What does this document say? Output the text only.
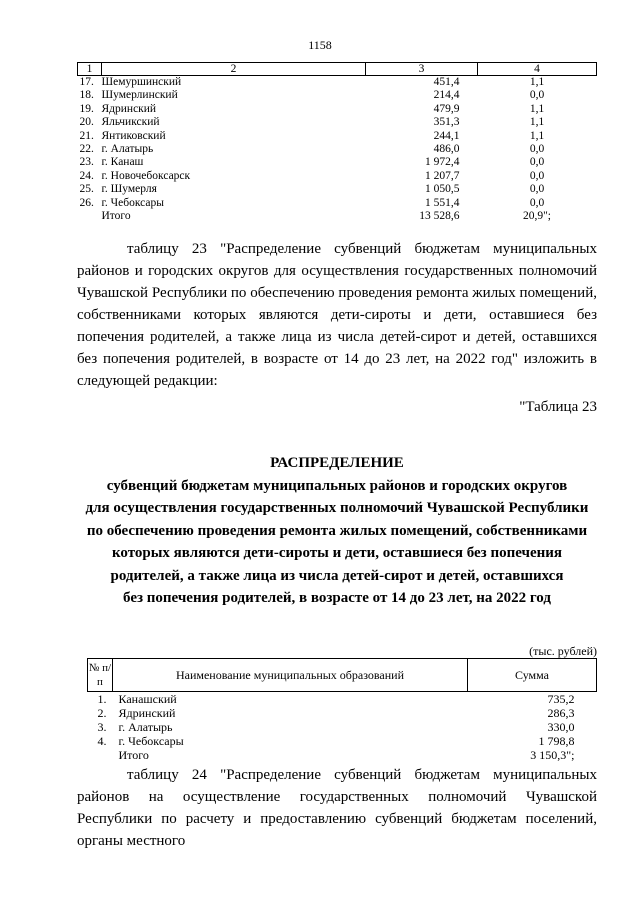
1158
1	2	3	4
17.	Шемуршинский	451,4	1,1
18.	Шумерлинский	214,4	0,0
19.	Ядринский	479,9	1,1
20.	Яльчикский	351,3	1,1
21.	Янтиковский	244,1	1,1
22.	г. Алатырь	486,0	0,0
23.	г. Канаш	1 972,4	0,0
24.	г. Новочебоксарск	1 207,7	0,0
25.	г. Шумерля	1 050,5	0,0
26.	г. Чебоксары	1 551,4	0,0
	Итого	13 528,6	20,9";
таблицу 23 "Распределение субвенций бюджетам муниципальных районов и городских округов для осуществления государственных полномочий Чувашской Республики по обеспечению проведения ремонта жилых помещений, собственниками которых являются дети-сироты и дети, оставшиеся без попечения родителей, а также лица из числа детей-сирот и детей, оставшихся без попечения родителей, в возрасте от 14 до 23 лет, на 2022 год" изложить в следующей редакции:
"Таблица 23
РАСПРЕДЕЛЕНИЕ
субвенций бюджетам муниципальных районов и городских округов
для осуществления государственных полномочий Чувашской Республики
по обеспечению проведения ремонта жилых помещений, собственниками
которых являются дети-сироты и дети, оставшиеся без попечения
родителей, а также лица из числа детей-сирот и детей, оставшихся
без попечения родителей, в возрасте от 14 до 23 лет, на 2022 год
(тыс. рублей)
№ п/п	Наименование муниципальных образований	Сумма
1.	Канашский	735,2
2.	Ядринский	286,3
3.	г. Алатырь	330,0
4.	г. Чебоксары	1 798,8
	Итого	3 150,3";
таблицу 24 "Распределение субвенций бюджетам муниципальных районов на осуществление государственных полномочий Чувашской Республики по расчету и предоставлению субвенций бюджетам поселений, органы местного
